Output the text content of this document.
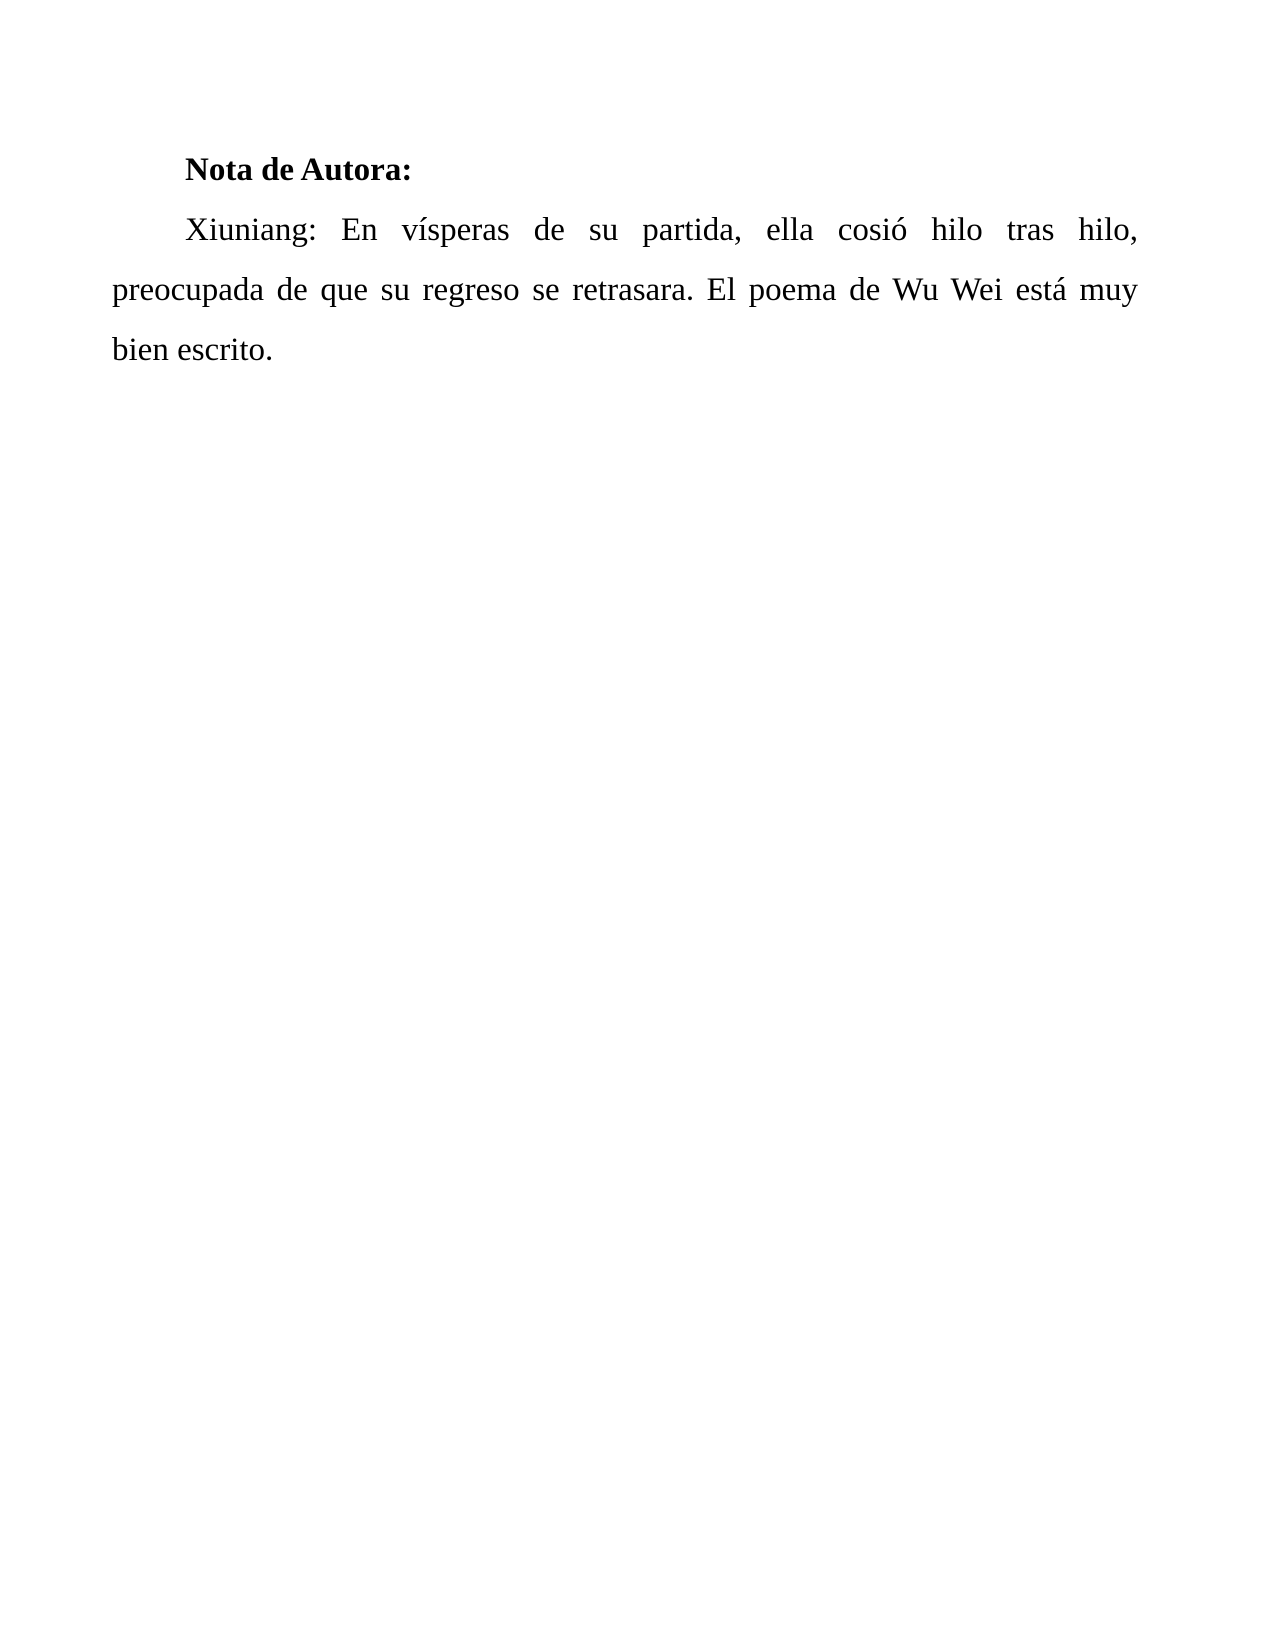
Nota de Autora:

Xiuniang: En vísperas de su partida, ella cosió hilo tras hilo, preocupada de que su regreso se retrasara. El poema de Wu Wei está muy bien escrito.
